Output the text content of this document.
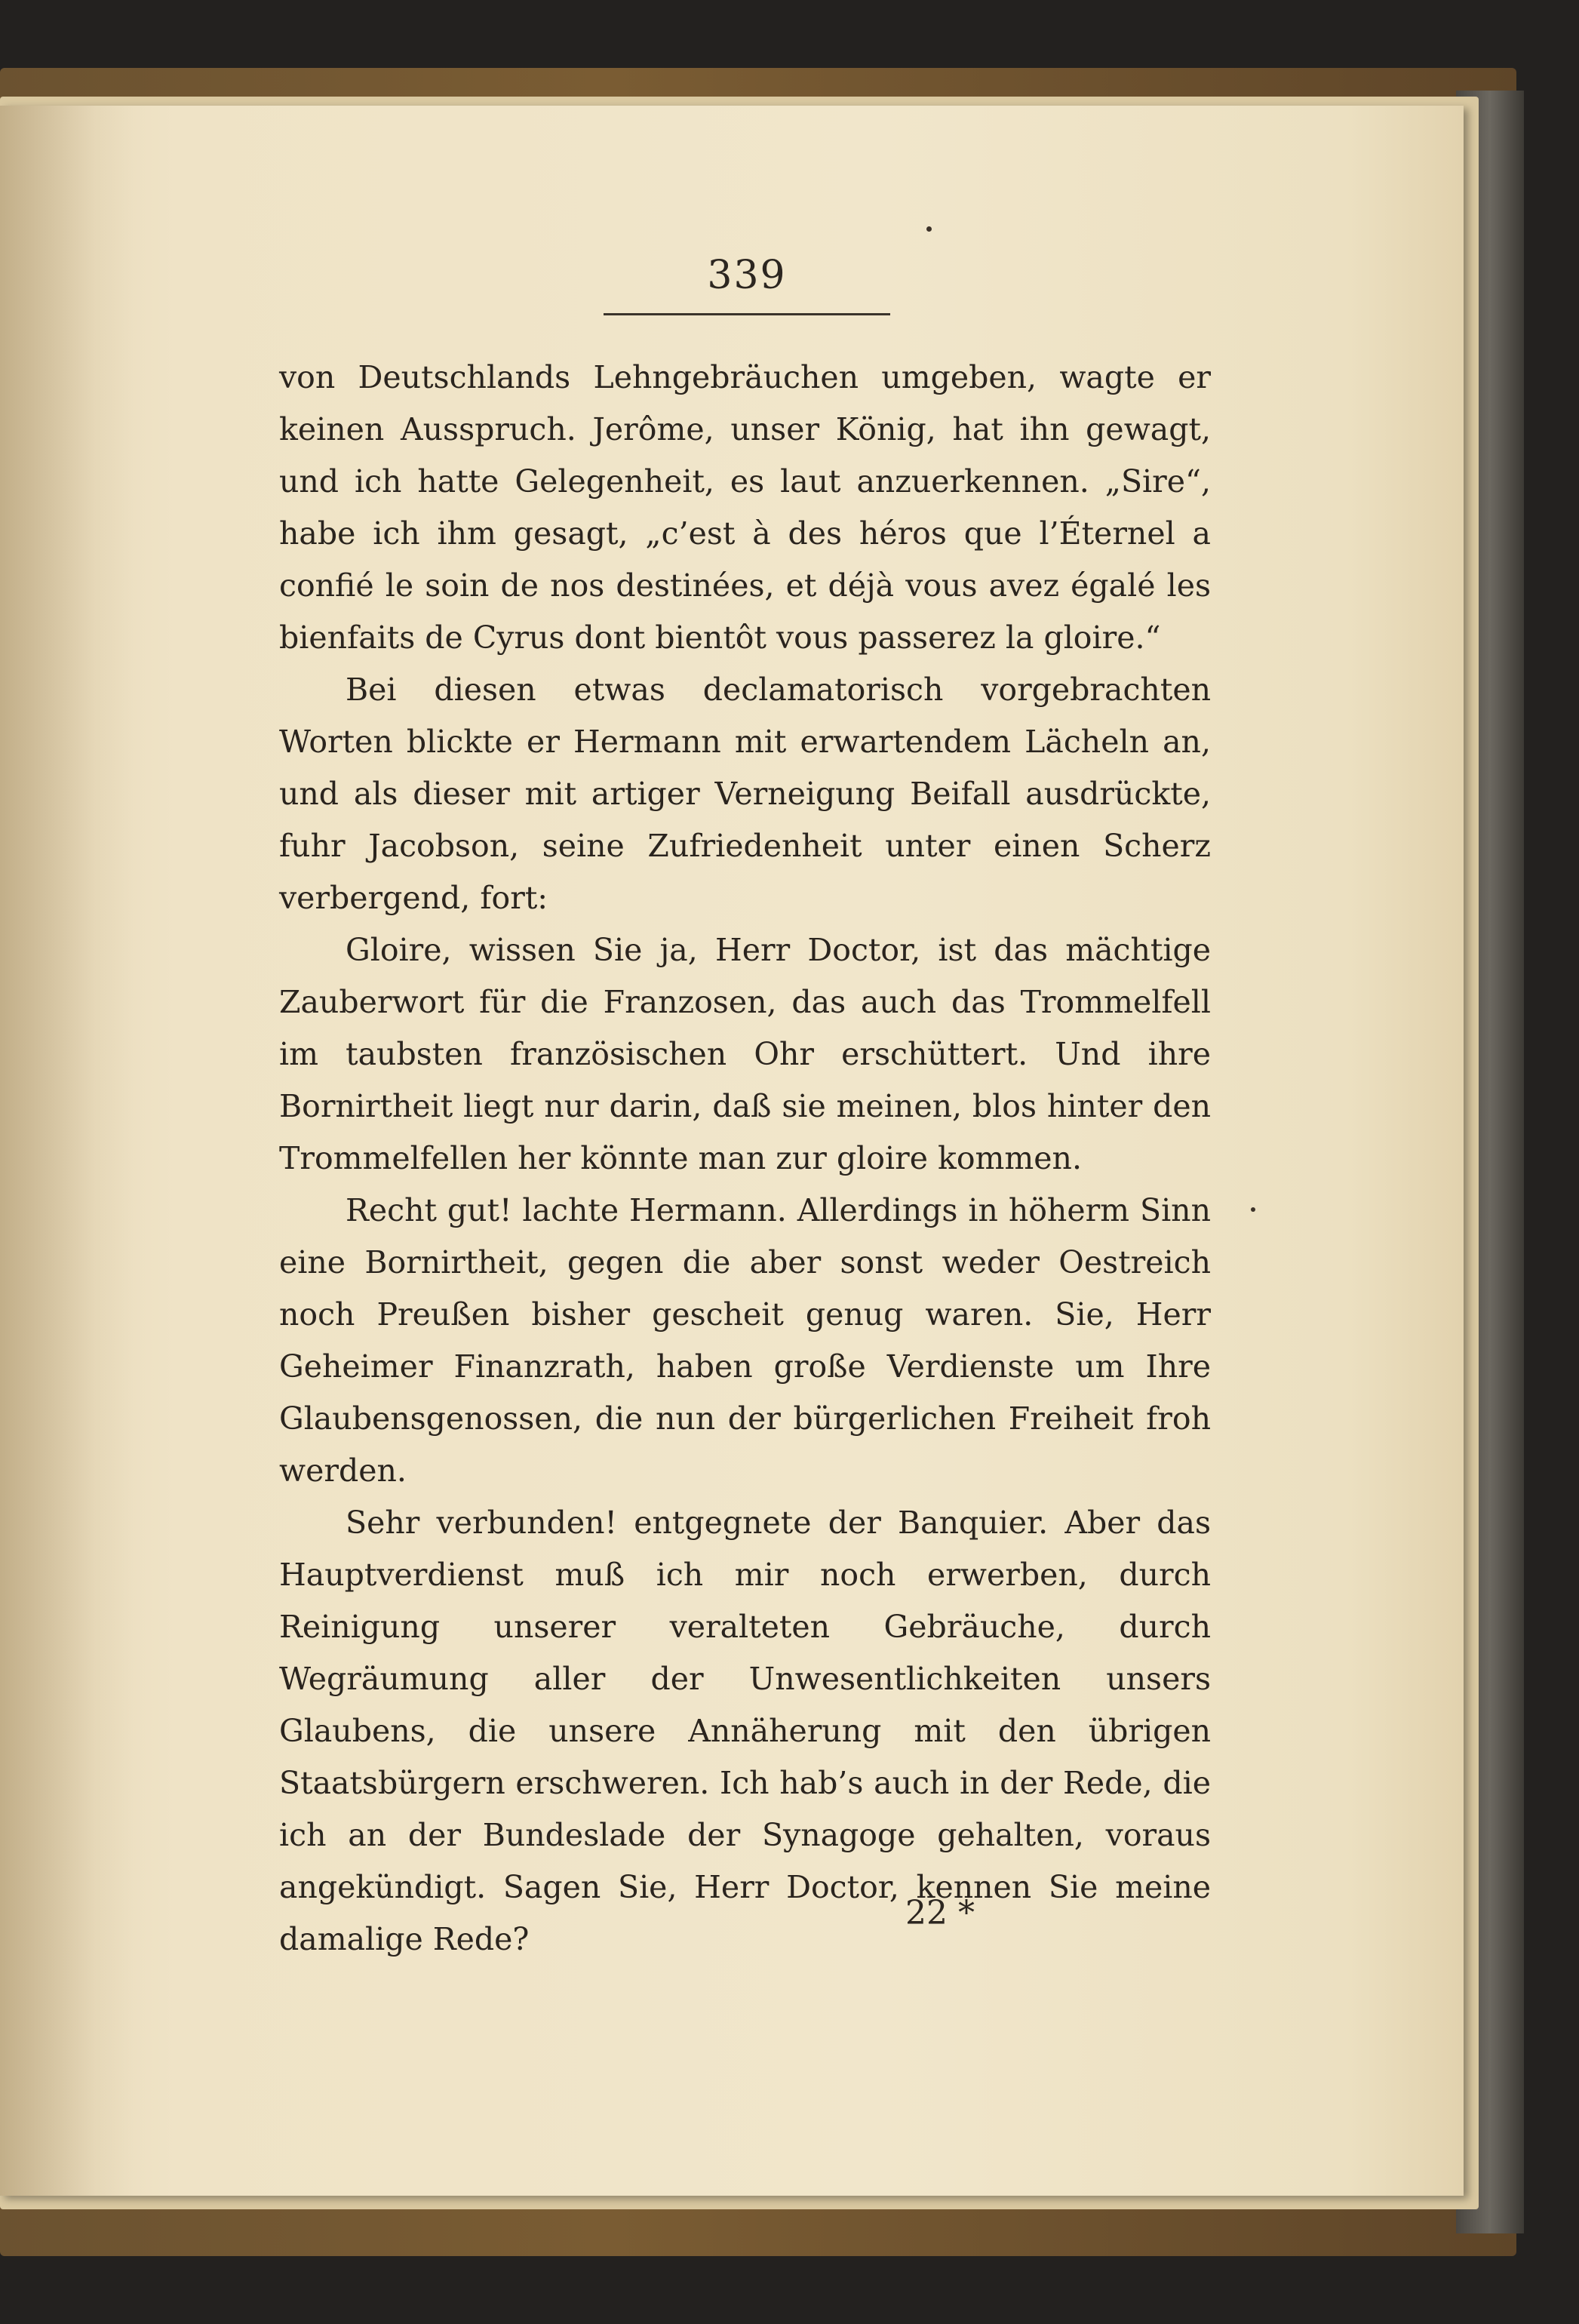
339

von Deutschlands Lehngebräuchen umgeben, wagte er keinen Ausspruch. Jerôme, unser König, hat ihn gewagt, und ich hatte Gelegenheit, es laut anzuerkennen. „Sire“, habe ich ihm gesagt, „c’est à des héros que l’Éternel a confié le soin de nos destinées, et déjà vous avez égalé les bienfaits de Cyrus dont bientôt vous passerez la gloire.“

Bei diesen etwas declamatorisch vorgebrachten Worten blickte er Hermann mit erwartendem Lächeln an, und als dieser mit artiger Verneigung Beifall ausdrückte, fuhr Jacobson, seine Zufriedenheit unter einen Scherz verbergend, fort:

Gloire, wissen Sie ja, Herr Doctor, ist das mächtige Zauberwort für die Franzosen, das auch das Trommelfell im taubsten französischen Ohr erschüttert. Und ihre Bornirtheit liegt nur darin, daß sie meinen, blos hinter den Trommelfellen her könnte man zur gloire kommen.

Recht gut! lachte Hermann. Allerdings in höherm Sinn eine Bornirtheit, gegen die aber sonst weder Oestreich noch Preußen bisher gescheit genug waren. Sie, Herr Geheimer Finanzrath, haben große Verdienste um Ihre Glaubensgenossen, die nun der bürgerlichen Freiheit froh werden.

Sehr verbunden! entgegnete der Banquier. Aber das Hauptverdienst muß ich mir noch erwerben, durch Reinigung unserer veralteten Gebräuche, durch Wegräumung aller der Unwesentlichkeiten unsers Glaubens, die unsere Annäherung mit den übrigen Staatsbürgern erschweren. Ich hab’s auch in der Rede, die ich an der Bundeslade der Synagoge gehalten, voraus angekündigt. Sagen Sie, Herr Doctor, kennen Sie meine damalige Rede?

22 *
